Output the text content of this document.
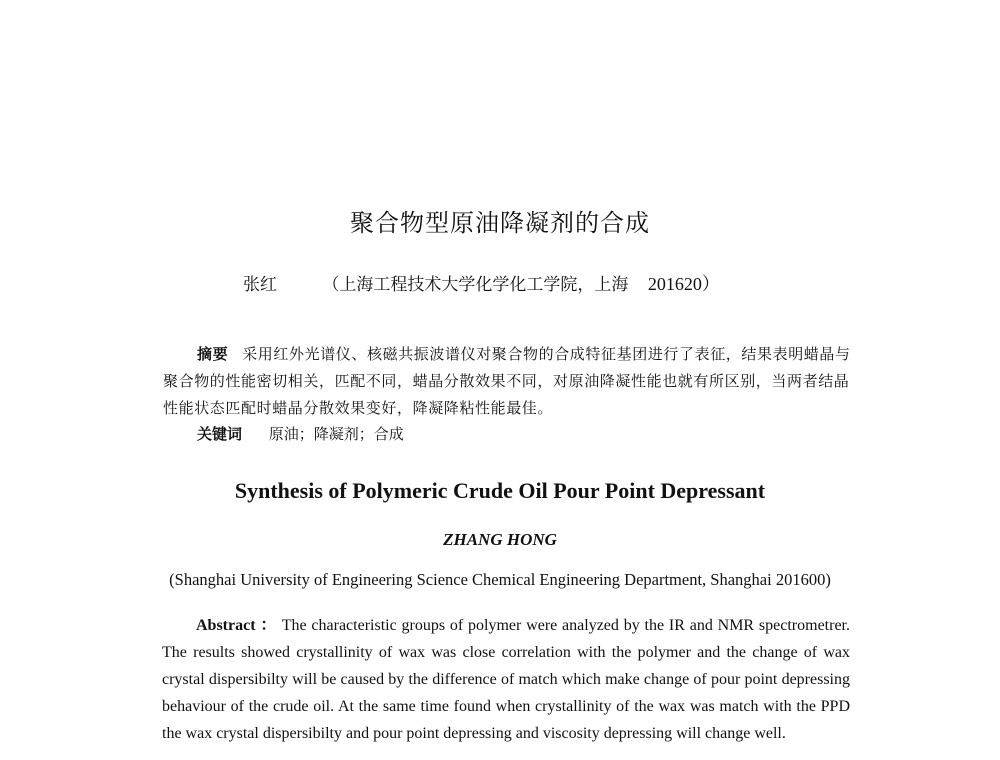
聚合物型原油降凝剂的合成
张红	（上海工程技术大学化学化工学院，上海 201620）
摘要 采用红外光谱仪、核磁共振波谱仪对聚合物的合成特征基团进行了表征，结果表明蜡晶与聚合物的性能密切相关，匹配不同，蜡晶分散效果不同，对原油降凝性能也就有所区别，当两者结晶性能状态匹配时蜡晶分散效果变好，降凝降粘性能最佳。
关键词 原油；降凝剂；合成
Synthesis of Polymeric Crude Oil Pour Point Depressant
ZHANG HONG
(Shanghai University of Engineering Science Chemical Engineering Department, Shanghai 201600)
Abstract ： The characteristic groups of polymer were analyzed by the IR and NMR spectrometrer. The results showed crystallinity of wax was close correlation with the polymer and the change of wax crystal dispersibilty will be caused by the difference of match which make change of pour point depressing behaviour of the crude oil. At the same time found when crystallinity of the wax was match with the PPD the wax crystal dispersibilty and pour point depressing and viscosity depressing will change well.
